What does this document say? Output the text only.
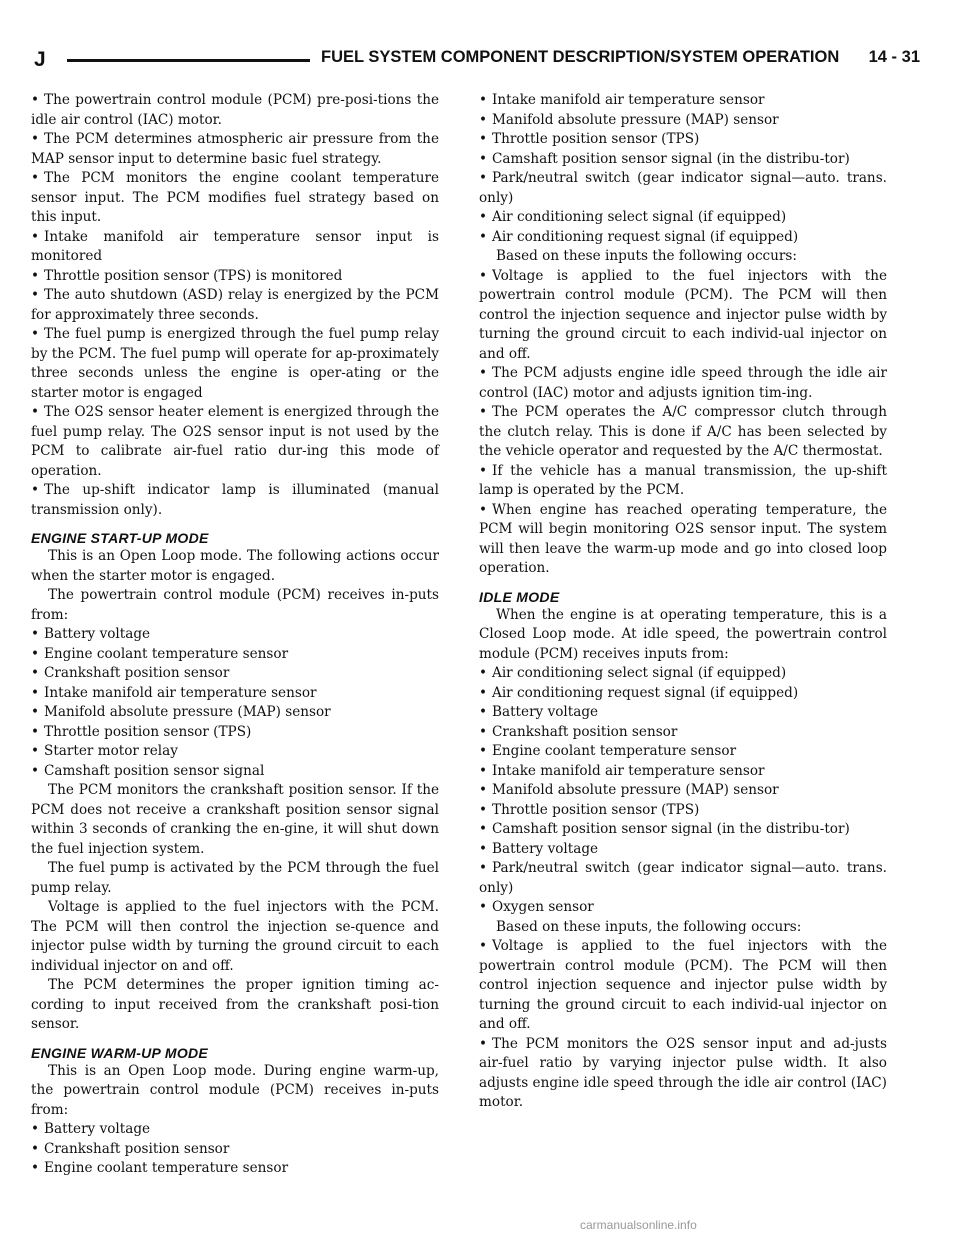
J	FUEL SYSTEM COMPONENT DESCRIPTION/SYSTEM OPERATION 14 - 31

• The powertrain control module (PCM) pre-posi-tions the idle air control (IAC) motor.

• The PCM determines atmospheric air pressure from the MAP sensor input to determine basic fuel strategy.

• The PCM monitors the engine coolant temperature sensor input. The PCM modifies fuel strategy based on this input.

• Intake manifold air temperature sensor input is monitored

• Throttle position sensor (TPS) is monitored

• The auto shutdown (ASD) relay is energized by the PCM for approximately three seconds.

• The fuel pump is energized through the fuel pump relay by the PCM. The fuel pump will operate for ap-proximately three seconds unless the engine is oper-ating or the starter motor is engaged

• The O2S sensor heater element is energized through the fuel pump relay. The O2S sensor input is not used by the PCM to calibrate air-fuel ratio dur-ing this mode of operation.

• The up-shift indicator lamp is illuminated (manual transmission only).

ENGINE START-UP MODE

This is an Open Loop mode. The following actions occur when the starter motor is engaged.

The powertrain control module (PCM) receives in-puts from:

• Battery voltage

• Engine coolant temperature sensor

• Crankshaft position sensor

• Intake manifold air temperature sensor

• Manifold absolute pressure (MAP) sensor

• Throttle position sensor (TPS)

• Starter motor relay

• Camshaft position sensor signal

The PCM monitors the crankshaft position sensor. If the PCM does not receive a crankshaft position sensor signal within 3 seconds of cranking the en-gine, it will shut down the fuel injection system.

The fuel pump is activated by the PCM through the fuel pump relay.

Voltage is applied to the fuel injectors with the PCM. The PCM will then control the injection se-quence and injector pulse width by turning the ground circuit to each individual injector on and off.

The PCM determines the proper ignition timing ac-cording to input received from the crankshaft posi-tion sensor.

ENGINE WARM-UP MODE

This is an Open Loop mode. During engine warm-up, the powertrain control module (PCM) receives in-puts from:

• Battery voltage

• Crankshaft position sensor

• Engine coolant temperature sensor

• Intake manifold air temperature sensor

• Manifold absolute pressure (MAP) sensor

• Throttle position sensor (TPS)

• Camshaft position sensor signal (in the distribu-tor)

• Park/neutral switch (gear indicator signal—auto. trans. only)

• Air conditioning select signal (if equipped)

• Air conditioning request signal (if equipped)

Based on these inputs the following occurs:

• Voltage is applied to the fuel injectors with the powertrain control module (PCM). The PCM will then control the injection sequence and injector pulse width by turning the ground circuit to each individ-ual injector on and off.

• The PCM adjusts engine idle speed through the idle air control (IAC) motor and adjusts ignition tim-ing.

• The PCM operates the A/C compressor clutch through the clutch relay. This is done if A/C has been selected by the vehicle operator and requested by the A/C thermostat.

• If the vehicle has a manual transmission, the up-shift lamp is operated by the PCM.

• When engine has reached operating temperature, the PCM will begin monitoring O2S sensor input. The system will then leave the warm-up mode and go into closed loop operation.

IDLE MODE

When the engine is at operating temperature, this is a Closed Loop mode. At idle speed, the powertrain control module (PCM) receives inputs from:

• Air conditioning select signal (if equipped)

• Air conditioning request signal (if equipped)

• Battery voltage

• Crankshaft position sensor

• Engine coolant temperature sensor

• Intake manifold air temperature sensor

• Manifold absolute pressure (MAP) sensor

• Throttle position sensor (TPS)

• Camshaft position sensor signal (in the distribu-tor)

• Battery voltage

• Park/neutral switch (gear indicator signal—auto. trans. only)

• Oxygen sensor

Based on these inputs, the following occurs:

• Voltage is applied to the fuel injectors with the powertrain control module (PCM). The PCM will then control injection sequence and injector pulse width by turning the ground circuit to each individ-ual injector on and off.

• The PCM monitors the O2S sensor input and ad-justs air-fuel ratio by varying injector pulse width. It also adjusts engine idle speed through the idle air control (IAC) motor.

carmanualsonline.info
